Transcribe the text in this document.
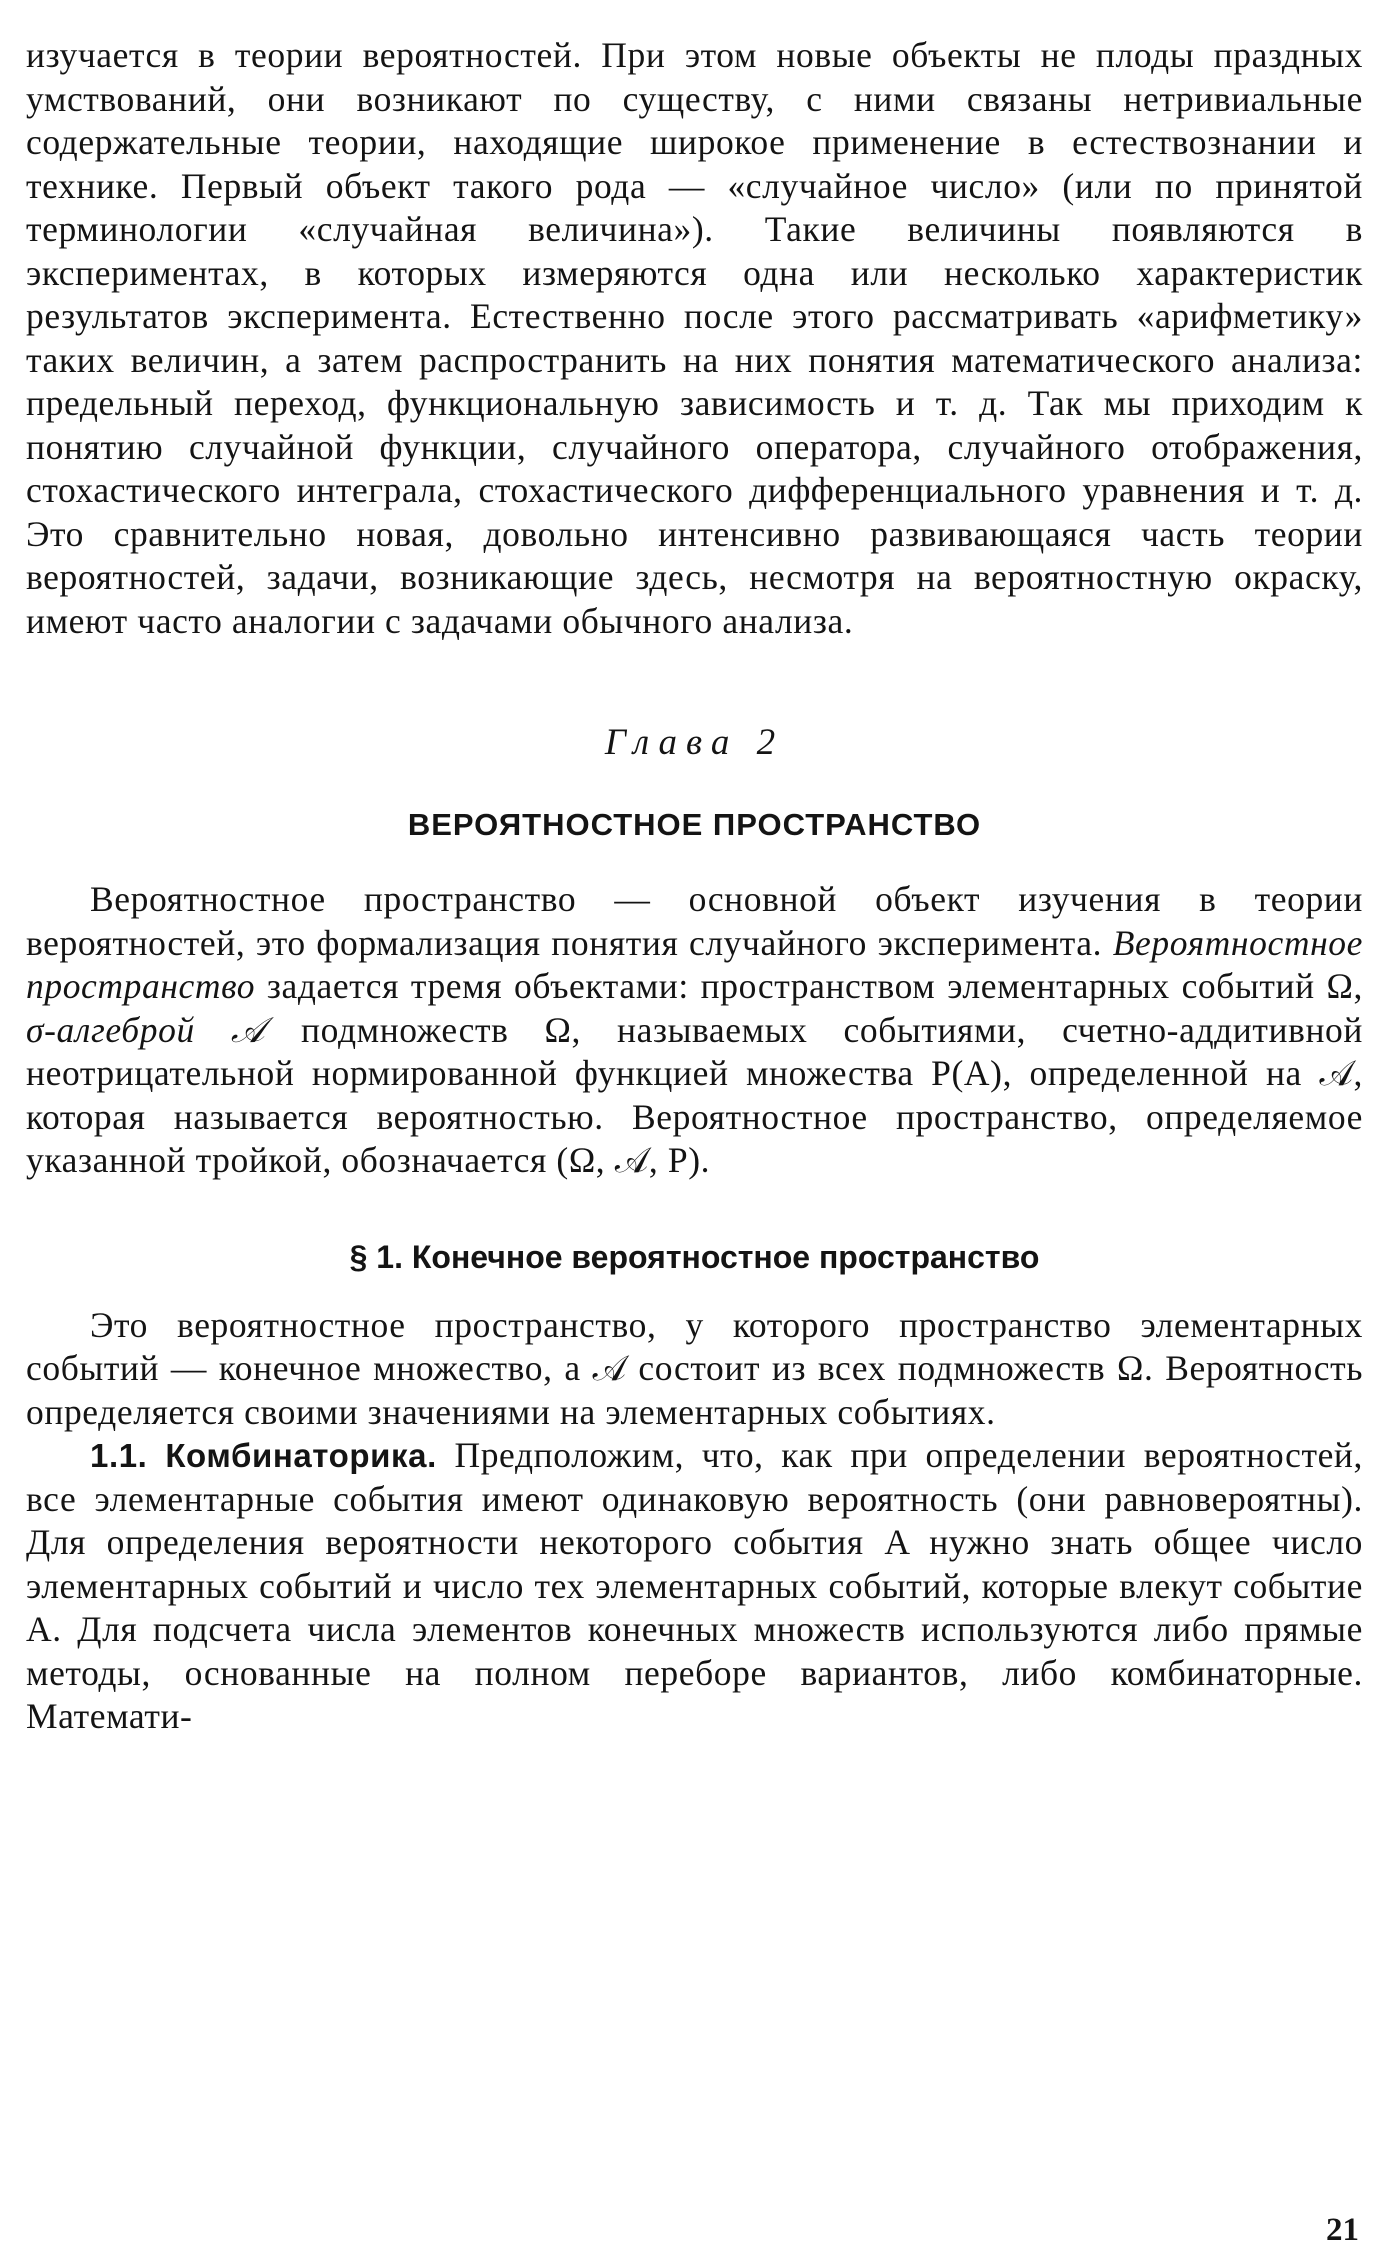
изучается в теории вероятностей. При этом новые объекты не плоды праздных умствований, они возникают по существу, с ними связаны нетривиальные содержательные теории, находящие широкое применение в естествознании и технике. Первый объект такого рода — «случайное число» (или по принятой терминологии «случайная величина»). Такие величины появляются в экспериментах, в которых измеряются одна или несколько характеристик результатов эксперимента. Естественно после этого рассматривать «арифметику» таких величин, а затем распространить на них понятия математического анализа: предельный переход, функциональную зависимость и т. д. Так мы приходим к понятию случайной функции, случайного оператора, случайного отображения, стохастического интеграла, стохастического дифференциального уравнения и т. д. Это сравнительно новая, довольно интенсивно развивающаяся часть теории вероятностей, задачи, возникающие здесь, несмотря на вероятностную окраску, имеют часто аналогии с задачами обычного анализа.

Глава 2
ВЕРОЯТНОСТНОЕ ПРОСТРАНСТВО

Вероятностное пространство — основной объект изучения в теории вероятностей, это формализация понятия случайного эксперимента. Вероятностное пространство задается тремя объектами: пространством элементарных событий Ω, σ-алгеброй 𝒜 подмножеств Ω, называемых событиями, счетно-аддитивной неотрицательной нормированной функцией множества P(A), определенной на 𝒜, которая называется вероятностью. Вероятностное пространство, определяемое указанной тройкой, обозначается (Ω, 𝒜, P).

§ 1. Конечное вероятностное пространство

Это вероятностное пространство, у которого пространство элементарных событий — конечное множество, а 𝒜 состоит из всех подмножеств Ω. Вероятность определяется своими значениями на элементарных событиях.

1.1. Комбинаторика. Предположим, что, как при определении вероятностей, все элементарные события имеют одинаковую вероятность (они равновероятны). Для определения вероятности некоторого события A нужно знать общее число элементарных событий и число тех элементарных событий, которые влекут событие A. Для подсчета числа элементов конечных множеств используются либо прямые методы, основанные на полном переборе вариантов, либо комбинаторные. Математи-

21
